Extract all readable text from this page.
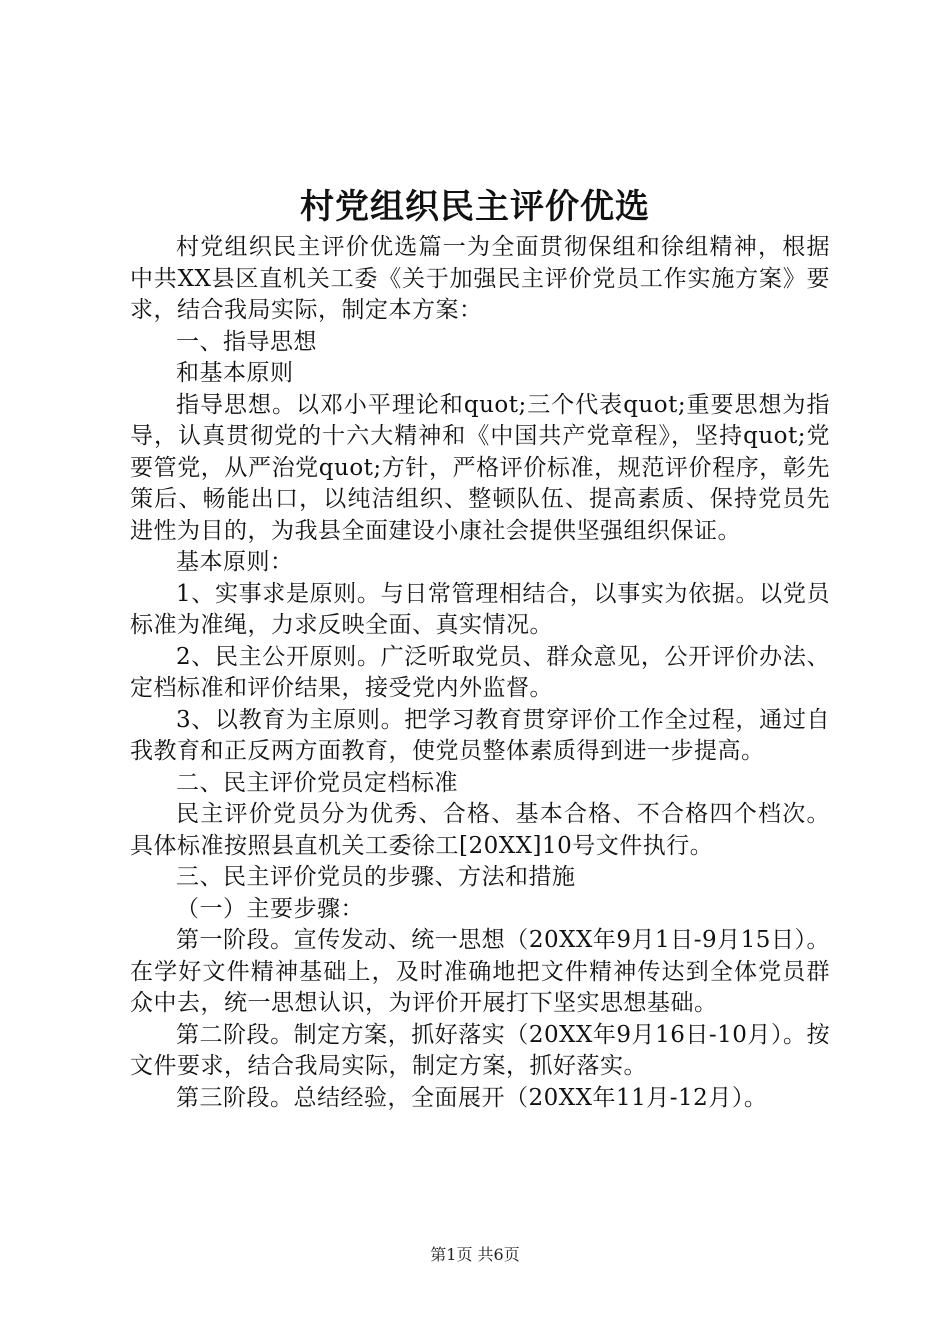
村党组织民主评价优选

村党组织民主评价优选篇一为全面贯彻保组和徐组精神，根据中共XX县区直机关工委《关于加强民主评价党员工作实施方案》要求，结合我局实际，制定本方案：

一、指导思想

和基本原则

指导思想。以邓小平理论和quot;三个代表quot;重要思想为指导，认真贯彻党的十六大精神和《中国共产党章程》，坚持quot;党要管党，从严治党quot;方针，严格评价标准，规范评价程序，彰先策后、畅能出口，以纯洁组织、整顿队伍、提高素质、保持党员先进性为目的，为我县全面建设小康社会提供坚强组织保证。

基本原则：

1、实事求是原则。与日常管理相结合，以事实为依据。以党员标准为准绳，力求反映全面、真实情况。

2、民主公开原则。广泛听取党员、群众意见，公开评价办法、定档标准和评价结果，接受党内外监督。

3、以教育为主原则。把学习教育贯穿评价工作全过程，通过自我教育和正反两方面教育，使党员整体素质得到进一步提高。

二、民主评价党员定档标准

民主评价党员分为优秀、合格、基本合格、不合格四个档次。具体标准按照县直机关工委徐工[20XX]10号文件执行。

三、民主评价党员的步骤、方法和措施

（一）主要步骤：

第一阶段。宣传发动、统一思想（20XX年9月1日-9月15日）。在学好文件精神基础上，及时准确地把文件精神传达到全体党员群众中去，统一思想认识，为评价开展打下坚实思想基础。

第二阶段。制定方案，抓好落实（20XX年9月16日-10月）。按文件要求，结合我局实际，制定方案，抓好落实。

第三阶段。总结经验，全面展开（20XX年11月-12月）。

第1页 共6页
